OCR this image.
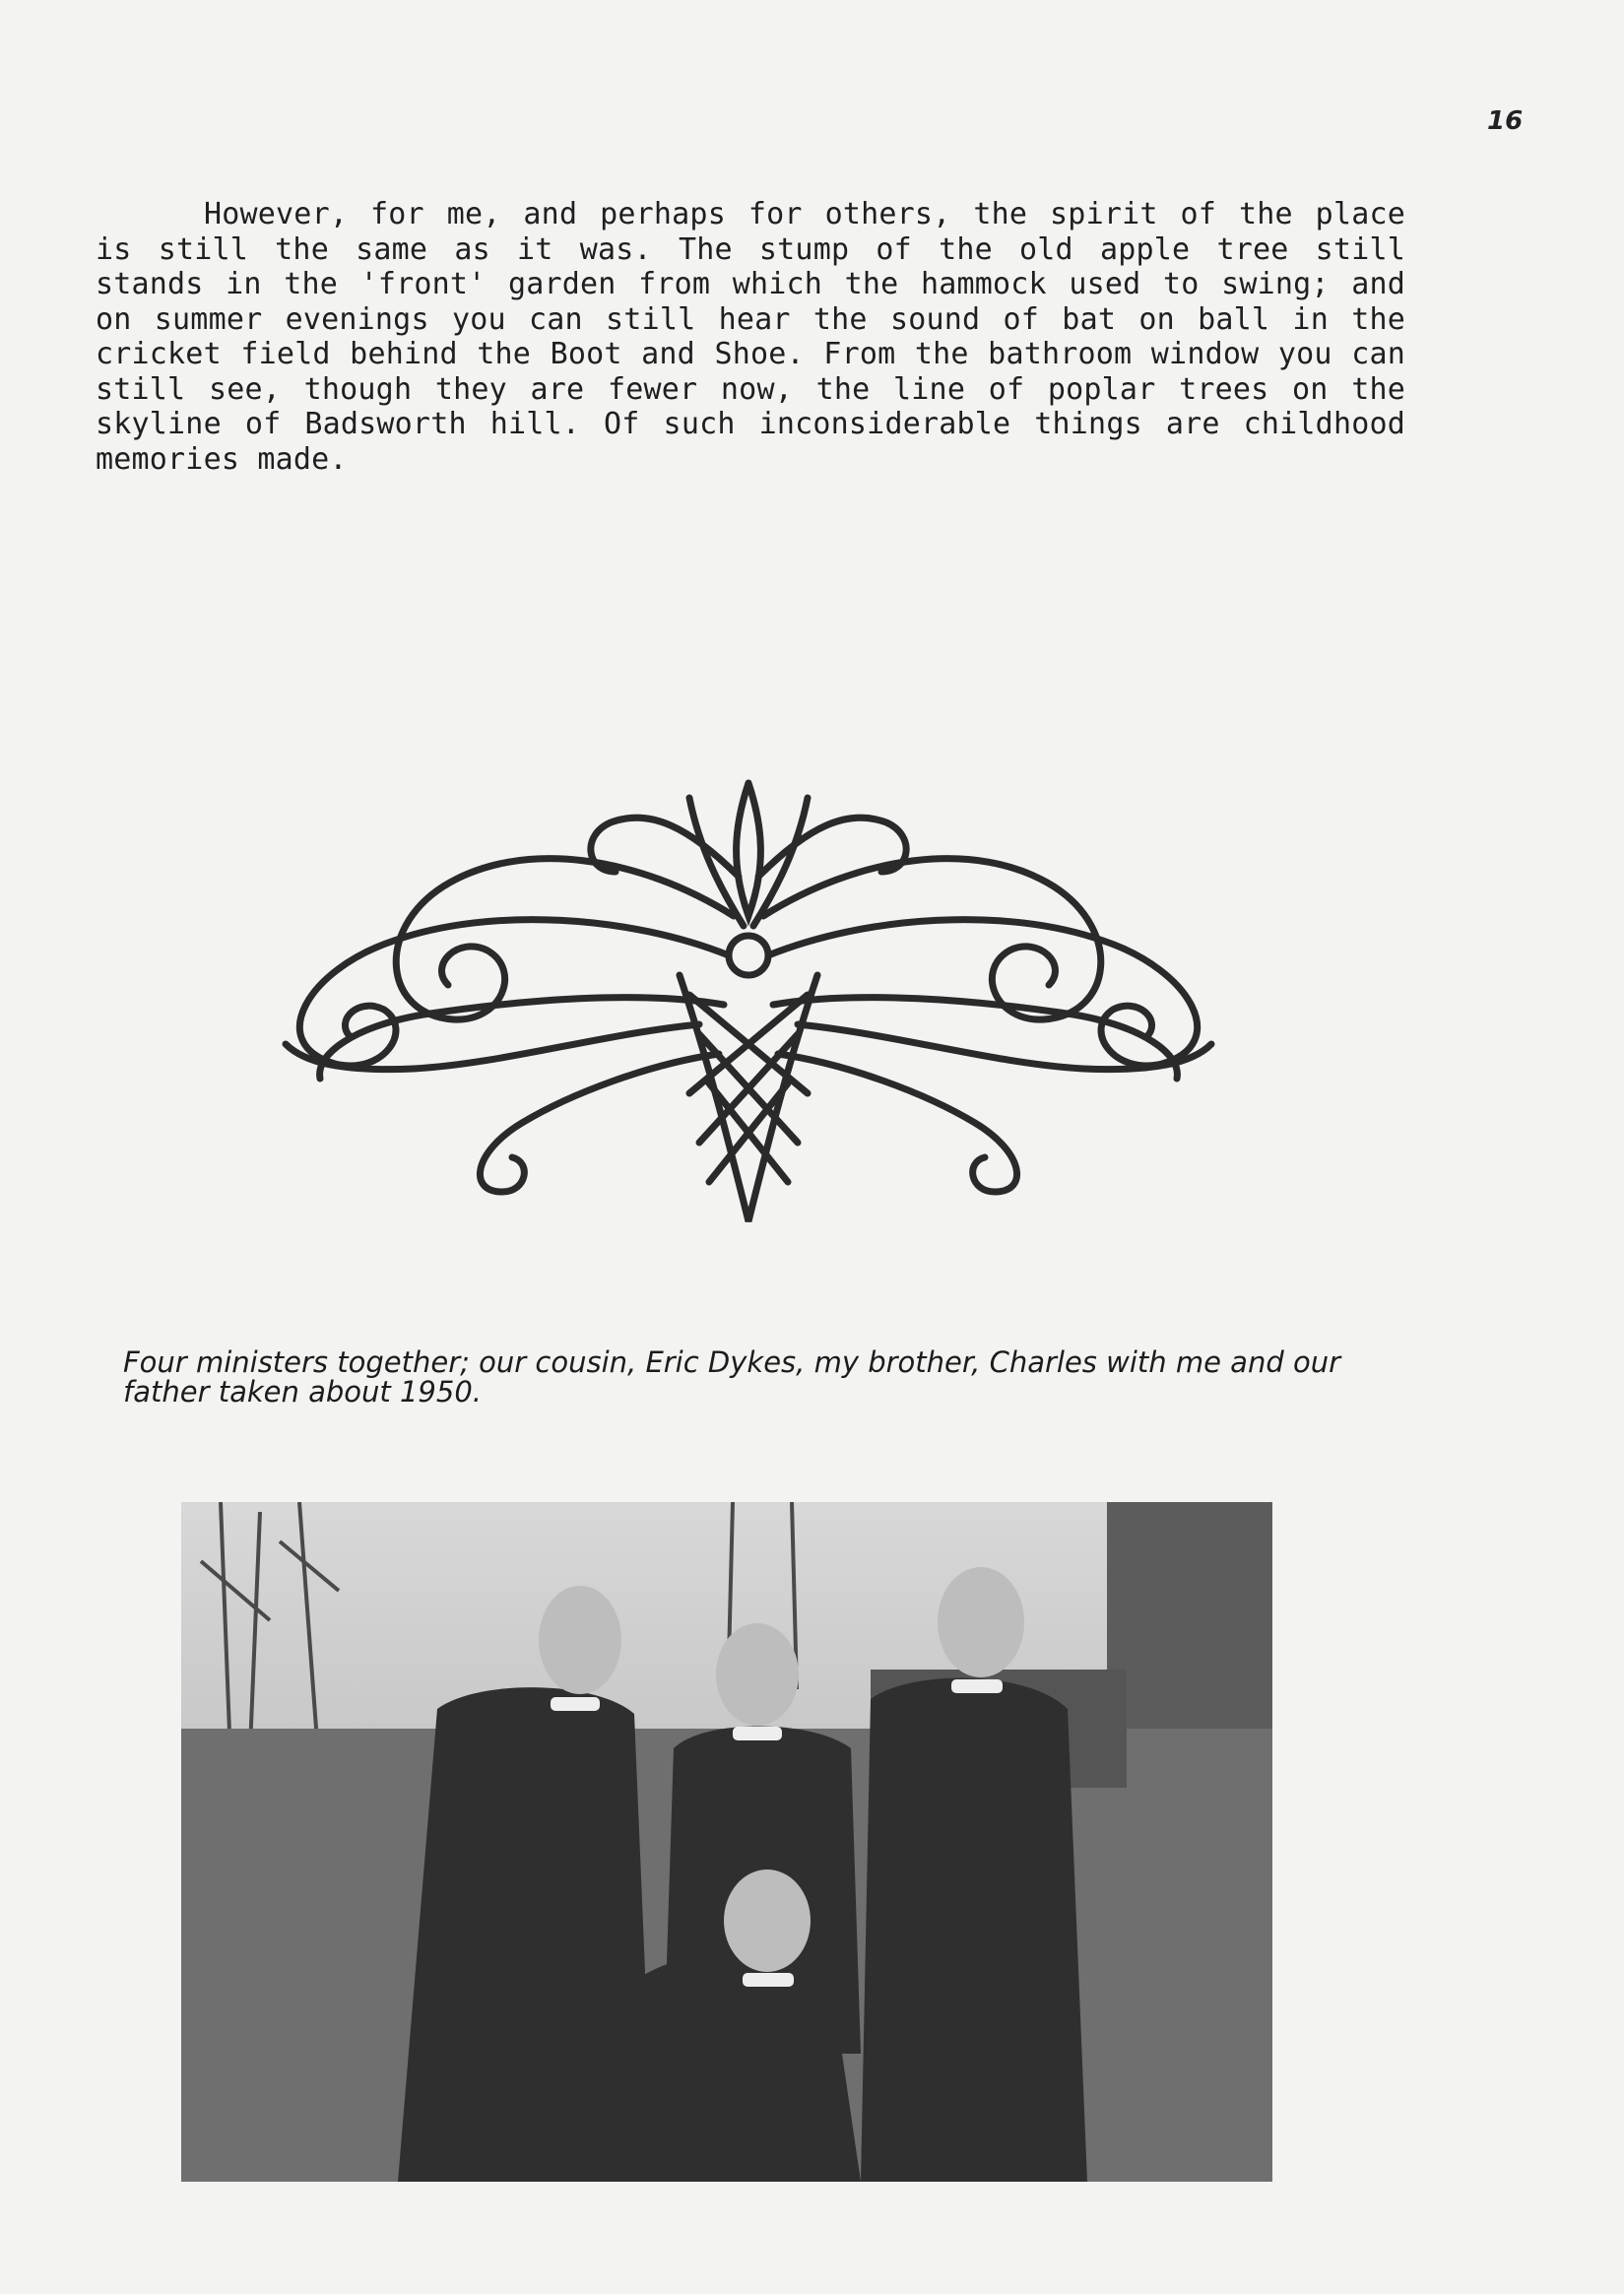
16

However, for me, and perhaps for others, the spirit of the place is still the same as it was. The stump of the old apple tree still stands in the 'front' garden from which the hammock used to swing; and on summer evenings you can still hear the sound of bat on ball in the cricket field behind the Boot and Shoe. From the bathroom window you can still see, though they are fewer now, the line of poplar trees on the skyline of Badsworth hill. Of such inconsiderable things are childhood memories made.

Four ministers together; our cousin, Eric Dykes, my brother, Charles with me and our father taken about 1950.
